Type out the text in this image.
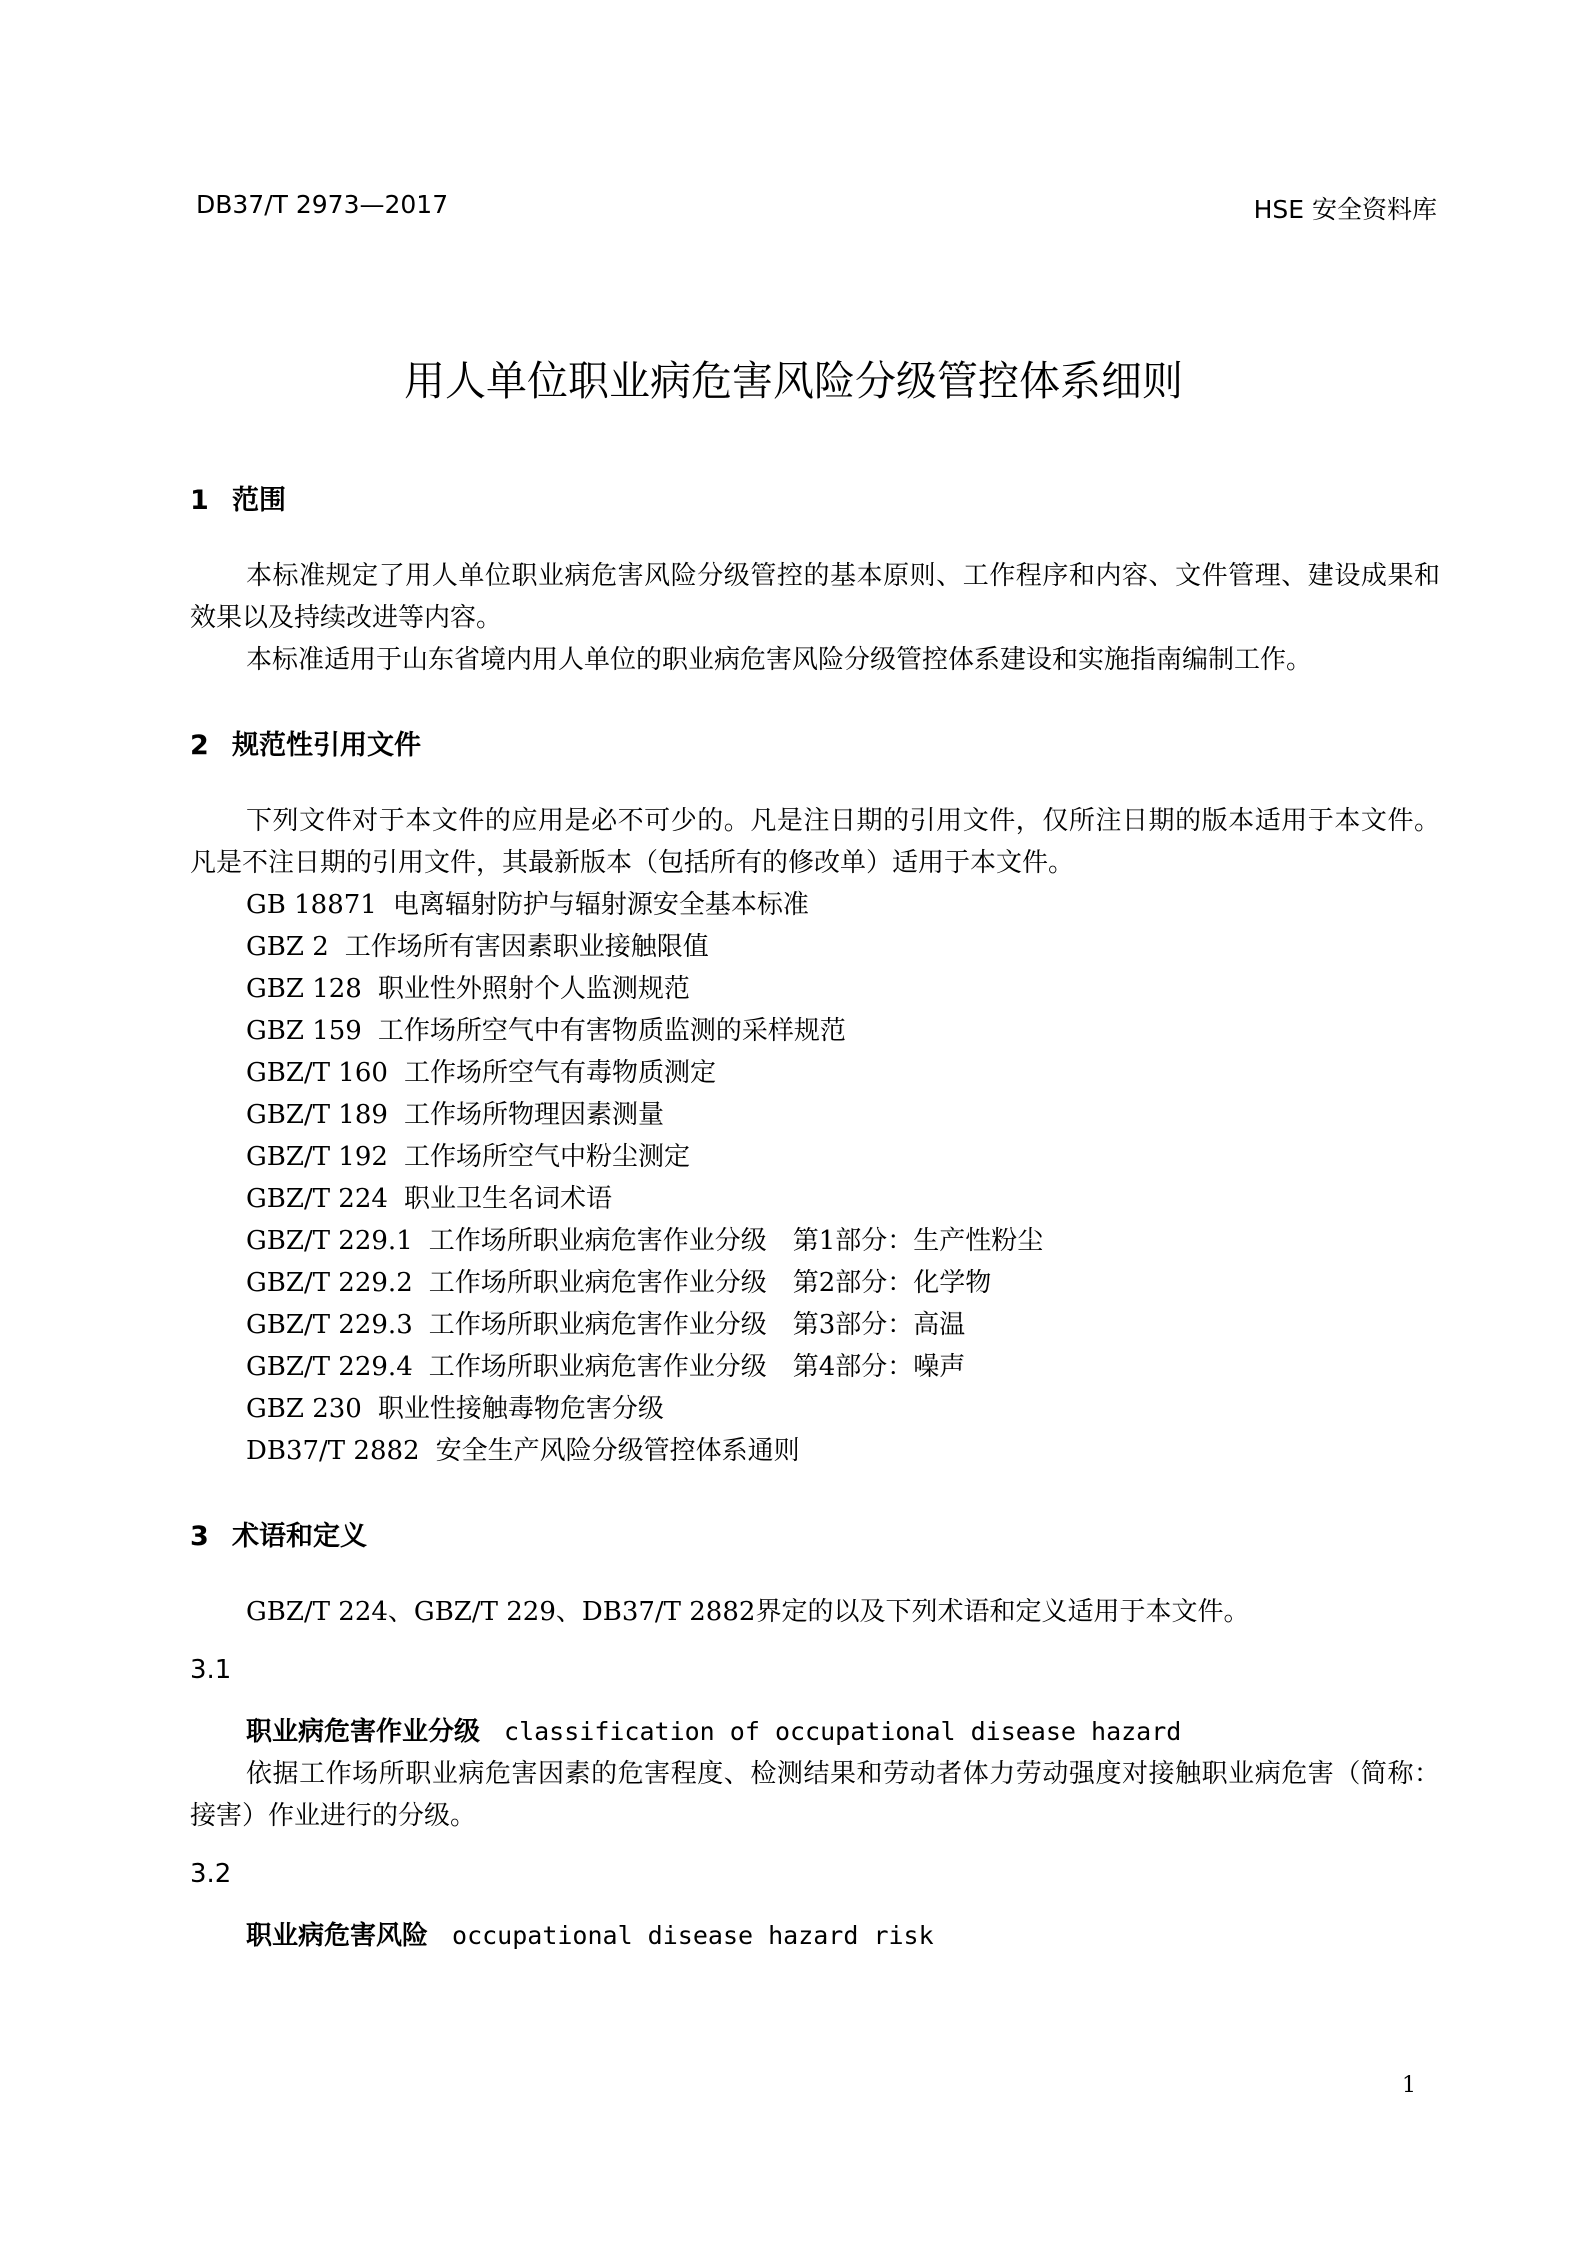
DB37/T 2973—2017	HSE 安全资料库
用人单位职业病危害风险分级管控体系细则
1 范围

本标准规定了用人单位职业病危害风险分级管控的基本原则、工作程序和内容、文件管理、建设成果和效果以及持续改进等内容。

本标准适用于山东省境内用人单位的职业病危害风险分级管控体系建设和实施指南编制工作。

2 规范性引用文件

下列文件对于本文件的应用是必不可少的。凡是注日期的引用文件，仅所注日期的版本适用于本文件。凡是不注日期的引用文件，其最新版本（包括所有的修改单）适用于本文件。

GB 18871 电离辐射防护与辐射源安全基本标准

GBZ 2 工作场所有害因素职业接触限值

GBZ 128 职业性外照射个人监测规范

GBZ 159 工作场所空气中有害物质监测的采样规范

GBZ/T 160 工作场所空气有毒物质测定

GBZ/T 189 工作场所物理因素测量

GBZ/T 192 工作场所空气中粉尘测定

GBZ/T 224 职业卫生名词术语

GBZ/T 229.1 工作场所职业病危害作业分级　第1部分：生产性粉尘

GBZ/T 229.2 工作场所职业病危害作业分级　第2部分：化学物

GBZ/T 229.3 工作场所职业病危害作业分级　第3部分：高温

GBZ/T 229.4 工作场所职业病危害作业分级　第4部分：噪声

GBZ 230 职业性接触毒物危害分级

DB37/T 2882 安全生产风险分级管控体系通则

3 术语和定义

GBZ/T 224、GBZ/T 229、DB37/T 2882界定的以及下列术语和定义适用于本文件。

3.1

职业病危害作业分级 classification of occupational disease hazard

依据工作场所职业病危害因素的危害程度、检测结果和劳动者体力劳动强度对接触职业病危害（简称：接害）作业进行的分级。

3.2

职业病危害风险 occupational disease hazard risk

1
